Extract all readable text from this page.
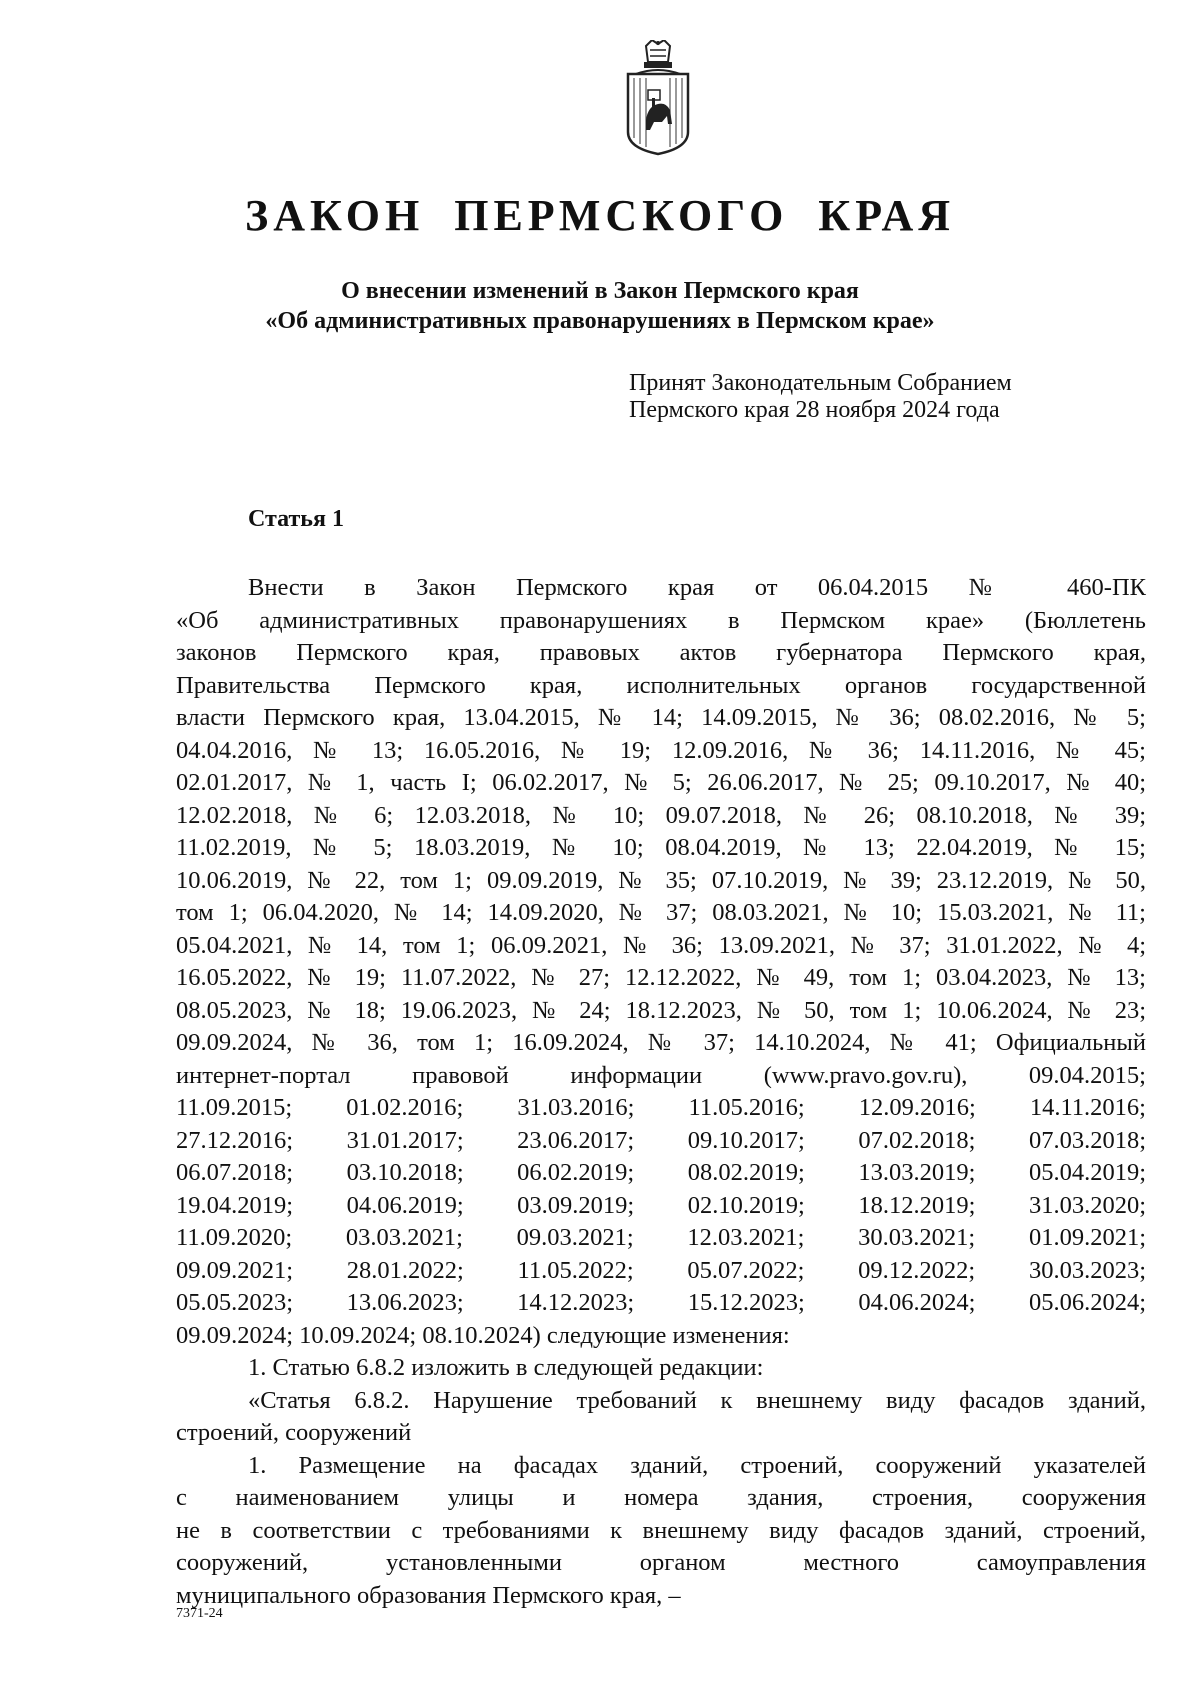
ЗАКОН ПЕРМСКОГО КРАЯ
О внесении изменений в Закон Пермского края
«Об административных правонарушениях в Пермском крае»
Принят Законодательным Собранием
Пермского края 28 ноября 2024 года
Статья 1
Внести в Закон Пермского края от 06.04.2015 № 460-ПК
«Об административных правонарушениях в Пермском крае» (Бюллетень
законов Пермского края, правовых актов губернатора Пермского края,
Правительства Пермского края, исполнительных органов государственной
власти Пермского края, 13.04.2015, № 14; 14.09.2015, № 36; 08.02.2016, № 5;
04.04.2016, № 13; 16.05.2016, № 19; 12.09.2016, № 36; 14.11.2016, № 45;
02.01.2017, № 1, часть I; 06.02.2017, № 5; 26.06.2017, № 25; 09.10.2017, № 40;
12.02.2018, № 6; 12.03.2018, № 10; 09.07.2018, № 26; 08.10.2018, № 39;
11.02.2019, № 5; 18.03.2019, № 10; 08.04.2019, № 13; 22.04.2019, № 15;
10.06.2019, № 22, том 1; 09.09.2019, № 35; 07.10.2019, № 39; 23.12.2019, № 50,
том 1; 06.04.2020, № 14; 14.09.2020, № 37; 08.03.2021, № 10; 15.03.2021, № 11;
05.04.2021, № 14, том 1; 06.09.2021, № 36; 13.09.2021, № 37; 31.01.2022, № 4;
16.05.2022, № 19; 11.07.2022, № 27; 12.12.2022, № 49, том 1; 03.04.2023, № 13;
08.05.2023, № 18; 19.06.2023, № 24; 18.12.2023, № 50, том 1; 10.06.2024, № 23;
09.09.2024, № 36, том 1; 16.09.2024, № 37; 14.10.2024, № 41; Официальный
интернет-портал правовой информации (www.pravo.gov.ru), 09.04.2015;
11.09.2015; 01.02.2016; 31.03.2016; 11.05.2016; 12.09.2016; 14.11.2016;
27.12.2016; 31.01.2017; 23.06.2017; 09.10.2017; 07.02.2018; 07.03.2018;
06.07.2018; 03.10.2018; 06.02.2019; 08.02.2019; 13.03.2019; 05.04.2019;
19.04.2019; 04.06.2019; 03.09.2019; 02.10.2019; 18.12.2019; 31.03.2020;
11.09.2020; 03.03.2021; 09.03.2021; 12.03.2021; 30.03.2021; 01.09.2021;
09.09.2021; 28.01.2022; 11.05.2022; 05.07.2022; 09.12.2022; 30.03.2023;
05.05.2023; 13.06.2023; 14.12.2023; 15.12.2023; 04.06.2024; 05.06.2024;
09.09.2024; 10.09.2024; 08.10.2024) следующие изменения:
1. Статью 6.8.2 изложить в следующей редакции:
«Статья 6.8.2. Нарушение требований к внешнему виду фасадов зданий,
строений, сооружений
1. Размещение на фасадах зданий, строений, сооружений указателей
с наименованием улицы и номера здания, строения, сооружения
не в соответствии с требованиями к внешнему виду фасадов зданий, строений,
сооружений, установленными органом местного самоуправления
муниципального образования Пермского края, –
7371-24
